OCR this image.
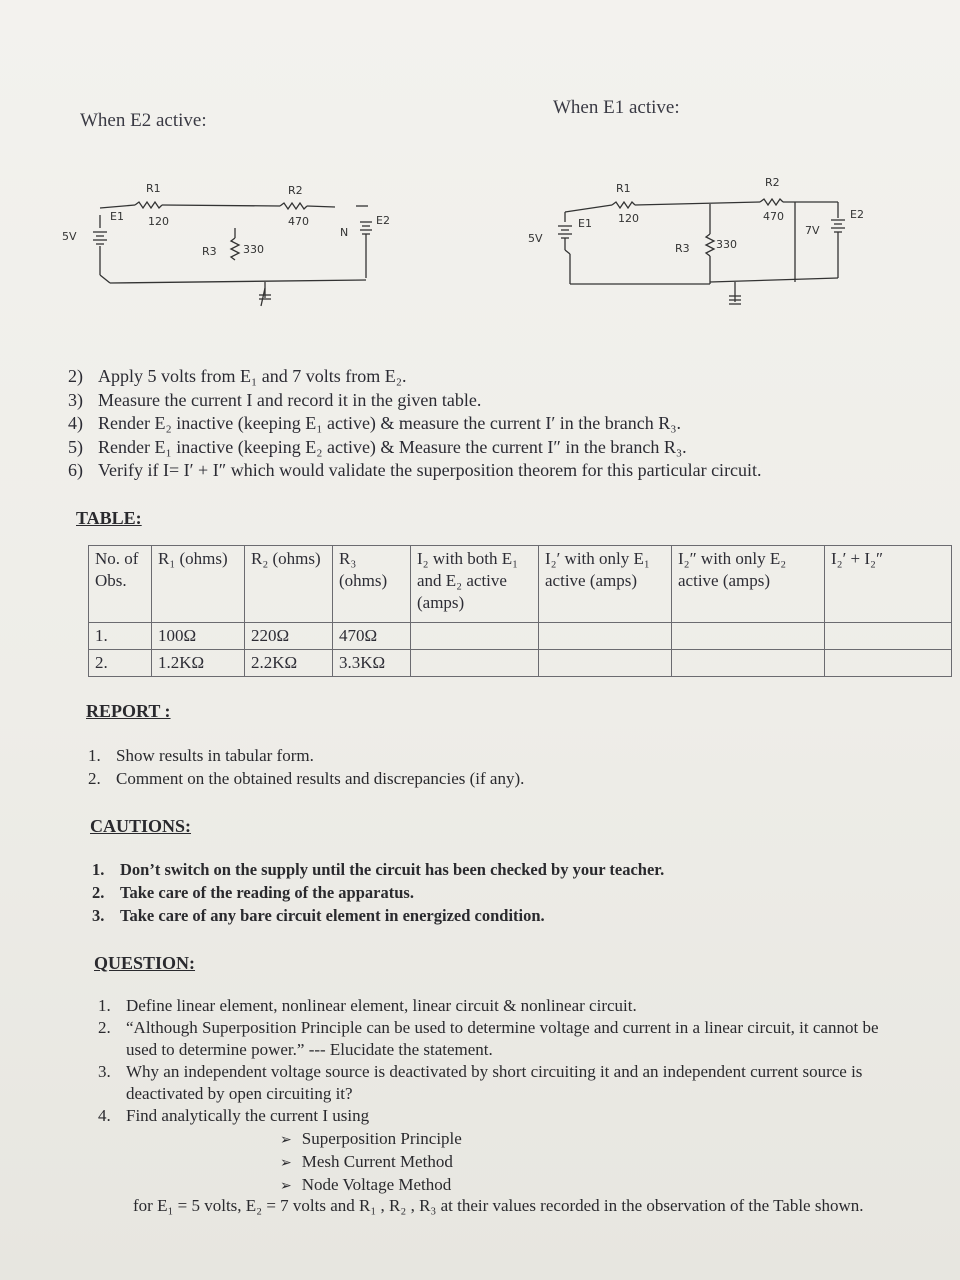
When E2 active:
When E1 active:
5V
E1
R1
120
R2
470
R3 330
E2
N	5V
E1
R1
120
R2
470
R3 330
E2
7V
2) Apply 5 volts from E₁ and 7 volts from E₂.
3) Measure the current I and record it in the given table.
4) Render E₂ inactive (keeping E₁ active) & measure the current I′ in the branch R₃.
5) Render E₁ inactive (keeping E₂ active) & Measure the current I″ in the branch R₃.
6) Verify if I= I′ + I″ which would validate the superposition theorem for this particular circuit.
TABLE:
No. of Obs.	R₁ (ohms)	R₂ (ohms)	R₃ (ohms)	I₂ with both E₁ and E₂ active (amps)	I₂′ with only E₁ active (amps)	I₂″ with only E₂ active (amps)	I₂′ + I₂″
1.	100Ω	220Ω	470Ω				
2.	1.2KΩ	2.2KΩ	3.3KΩ				
REPORT :
1. Show results in tabular form.
2. Comment on the obtained results and discrepancies (if any).
CAUTIONS:
1. Don’t switch on the supply until the circuit has been checked by your teacher.
2. Take care of the reading of the apparatus.
3. Take care of any bare circuit element in energized condition.
QUESTION:
1. Define linear element, nonlinear element, linear circuit & nonlinear circuit.
2. “Although Superposition Principle can be used to determine voltage and current in a linear circuit, it cannot be used to determine power.” --- Elucidate the statement.
3. Why an independent voltage source is deactivated by short circuiting it and an independent current source is deactivated by open circuiting it?
4. Find analytically the current I using
➢ Superposition Principle
➢ Mesh Current Method
➢ Node Voltage Method
for E₁ = 5 volts, E₂ = 7 volts and R₁ , R₂ , R₃ at their values recorded in the observation of the Table shown.
